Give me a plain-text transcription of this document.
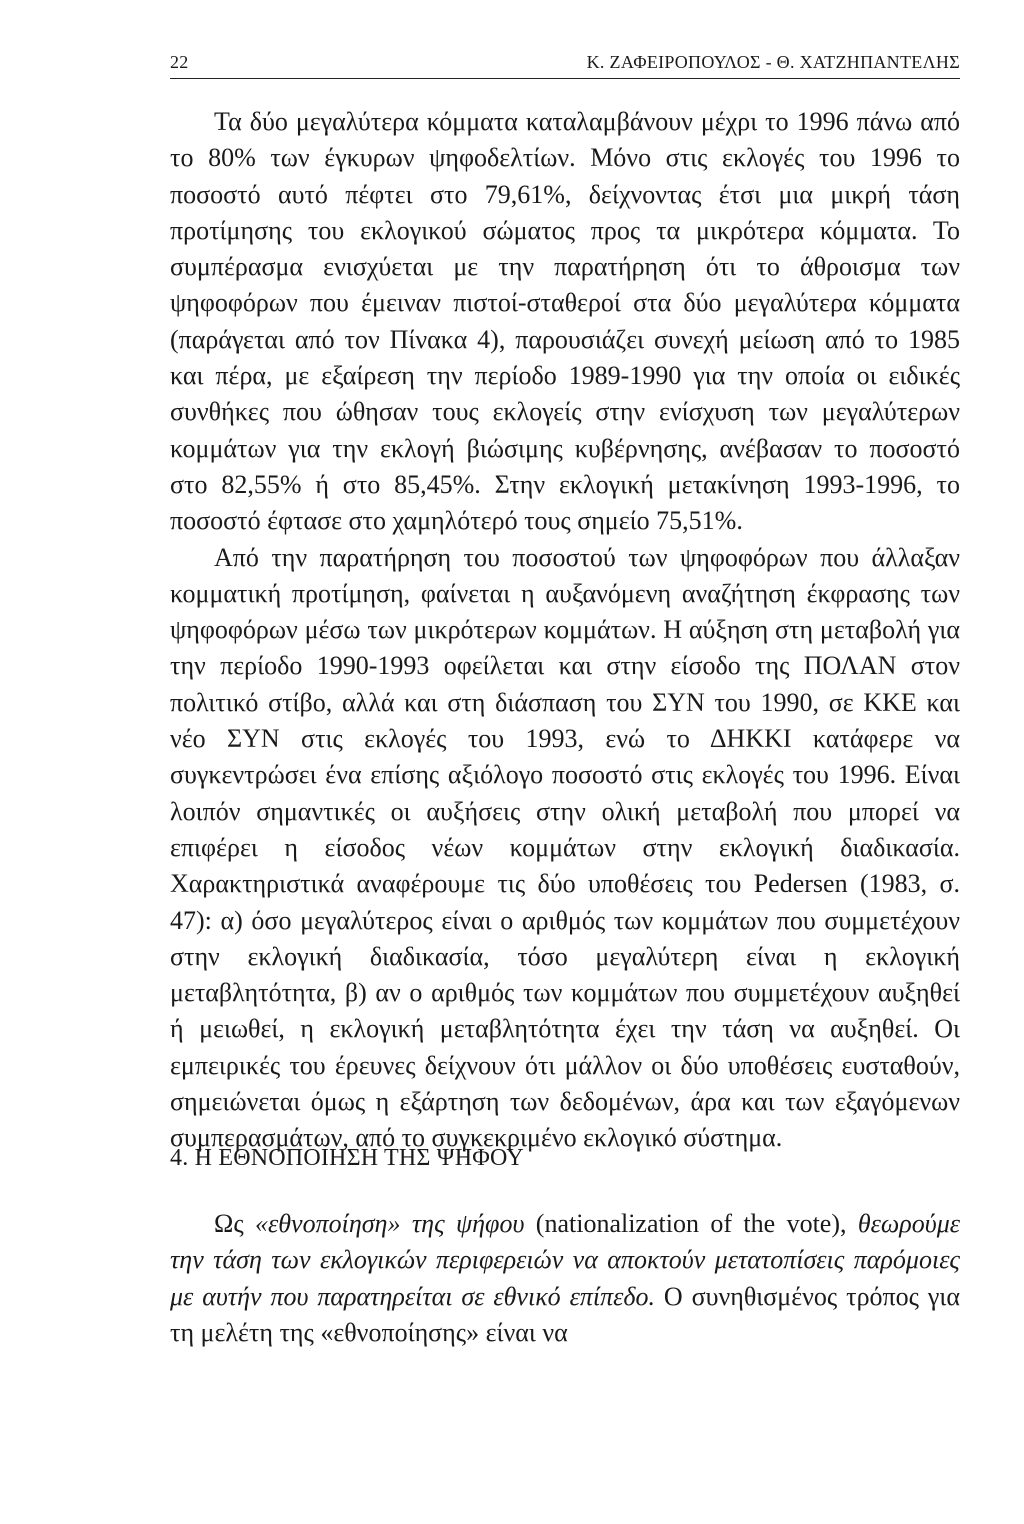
22	Κ. ΖΑΦΕΙΡΟΠΟΥΛΟΣ - Θ. ΧΑΤΖΗΠΑΝΤΕΛΗΣ

Τα δύο μεγαλύτερα κόμματα καταλαμβάνουν μέχρι το 1996 πάνω από το 80% των έγκυρων ψηφοδελτίων. Μόνο στις εκλογές του 1996 το ποσοστό αυτό πέφτει στο 79,61%, δείχνοντας έτσι μια μικρή τάση προτίμησης του εκλογικού σώματος προς τα μικρότερα κόμματα. Το συμπέρασμα ενισχύεται με την παρατήρηση ότι το άθροισμα των ψηφοφόρων που έμειναν πιστοί-σταθεροί στα δύο μεγαλύτερα κόμματα (παράγεται από τον Πίνακα 4), παρουσιάζει συνεχή μείωση από το 1985 και πέρα, με εξαίρεση την περίοδο 1989-1990 για την οποία οι ειδικές συνθήκες που ώθησαν τους εκλογείς στην ενίσχυση των μεγαλύτερων κομμάτων για την εκλογή βιώσιμης κυβέρνησης, ανέβασαν το ποσοστό στο 82,55% ή στο 85,45%. Στην εκλογική μετακίνηση 1993-1996, το ποσοστό έφτασε στο χαμηλότερό τους σημείο 75,51%.

Από την παρατήρηση του ποσοστού των ψηφοφόρων που άλλαξαν κομματική προτίμηση, φαίνεται η αυξανόμενη αναζήτηση έκφρασης των ψηφοφόρων μέσω των μικρότερων κομμάτων. Η αύξηση στη μεταβολή για την περίοδο 1990-1993 οφείλεται και στην είσοδο της ΠΟΛΑΝ στον πολιτικό στίβο, αλλά και στη διάσπαση του ΣΥΝ του 1990, σε ΚΚΕ και νέο ΣΥΝ στις εκλογές του 1993, ενώ το ΔΗΚΚΙ κατάφερε να συγκεντρώσει ένα επίσης αξιόλογο ποσοστό στις εκλογές του 1996. Είναι λοιπόν σημαντικές οι αυξήσεις στην ολική μεταβολή που μπορεί να επιφέρει η είσοδος νέων κομμάτων στην εκλογική διαδικασία. Χαρακτηριστικά αναφέρουμε τις δύο υποθέσεις του Pedersen (1983, σ. 47): α) όσο μεγαλύτερος είναι ο αριθμός των κομμάτων που συμμετέχουν στην εκλογική διαδικασία, τόσο μεγαλύτερη είναι η εκλογική μεταβλητότητα, β) αν ο αριθμός των κομμάτων που συμμετέχουν αυξηθεί ή μειωθεί, η εκλογική μεταβλητότητα έχει την τάση να αυξηθεί. Οι εμπειρικές του έρευνες δείχνουν ότι μάλλον οι δύο υποθέσεις ευσταθούν, σημειώνεται όμως η εξάρτηση των δεδομένων, άρα και των εξαγόμενων συμπερασμάτων, από το συγκεκριμένο εκλογικό σύστημα.

4. Η ΕΘΝΟΠΟΙΗΣΗ ΤΗΣ ΨΗΦΟΥ

Ως «εθνοποίηση» της ψήφου (nationalization of the vote), θεωρούμε την τάση των εκλογικών περιφερειών να αποκτούν μετατοπίσεις παρόμοιες με αυτήν που παρατηρείται σε εθνικό επίπεδο. Ο συνηθισμένος τρόπος για τη μελέτη της «εθνοποίησης» είναι να
